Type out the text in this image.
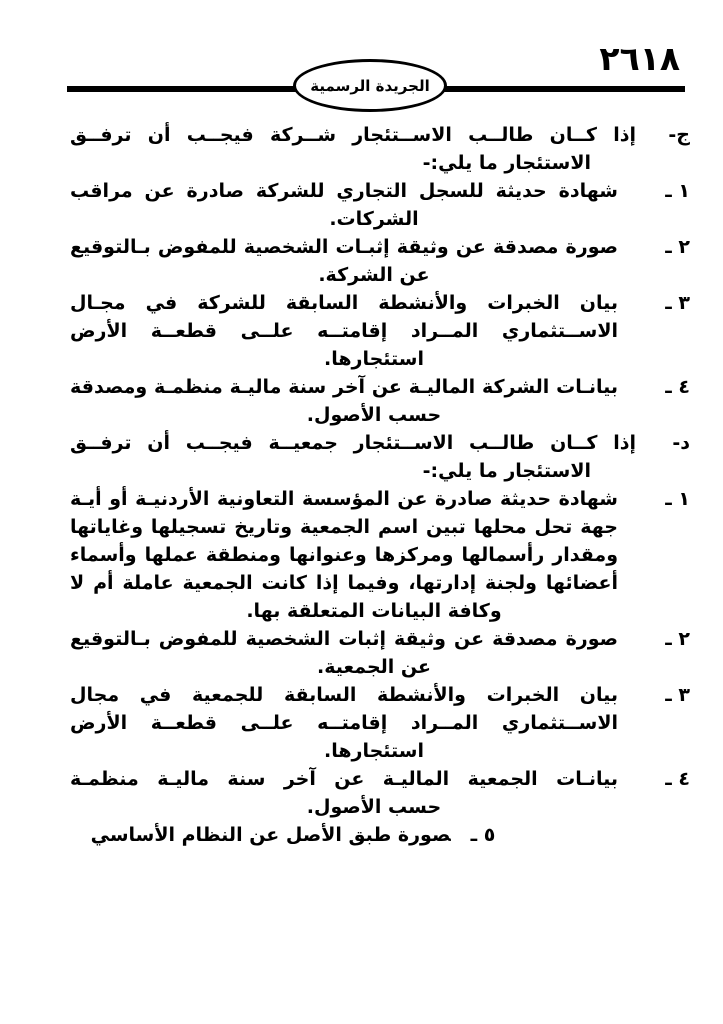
٢٦١٨
الجريدة الرسمية
ج-
إذا كــان طالــب الاســتئجار شــركة فيجــب أن ترفــق
الاستئجار ما يلي:-
١ ـ
شهادة حديثة للسجل التجاري للشركة صادرة عن مراقب
الشركات.
٢ ـ
صورة مصدقة عن وثيقة إثبـات الشخصية للمفوض بـالتوقيع
عن الشركة.
٣ ـ
بيان الخبرات والأنشطة السابقة للشركة في مجـال
الاســتثماري المــراد إقامتــه علــى قطعــة الأرض
استئجارها.
٤ ـ
بيانـات الشركة الماليـة عن آخر سنة ماليـة منظمـة ومصدقة
حسب الأصول.
د-
إذا كــان طالــب الاســتئجار جمعيــة فيجــب أن ترفــق
الاستئجار ما يلي:-
١ ـ
شهادة حديثة صادرة عن المؤسسة التعاونية الأردنيـة أو أيـة
جهة تحل محلها تبين اسم الجمعية وتاريخ تسجيلها وغاياتها
ومقدار رأسمالها ومركزها وعنوانها ومنطقة عملها وأسماء
أعضائها ولجنة إدارتها، وفيما إذا كانت الجمعية عاملة أم لا
وكافة البيانات المتعلقة بها.
٢ ـ
صورة مصدقة عن وثيقة إثبات الشخصية للمفوض بـالتوقيع
عن الجمعية.
٣ ـ
بيان الخبرات والأنشطة السابقة للجمعية في مجال
الاســتثماري المــراد إقامتــه علــى قطعــة الأرض
استئجارها.
٤ ـ
بيانـات الجمعية الماليـة عن آخر سنة ماليـة منظمـة
حسب الأصول.
٥ ـصورة طبق الأصل عن النظام الأساسي
